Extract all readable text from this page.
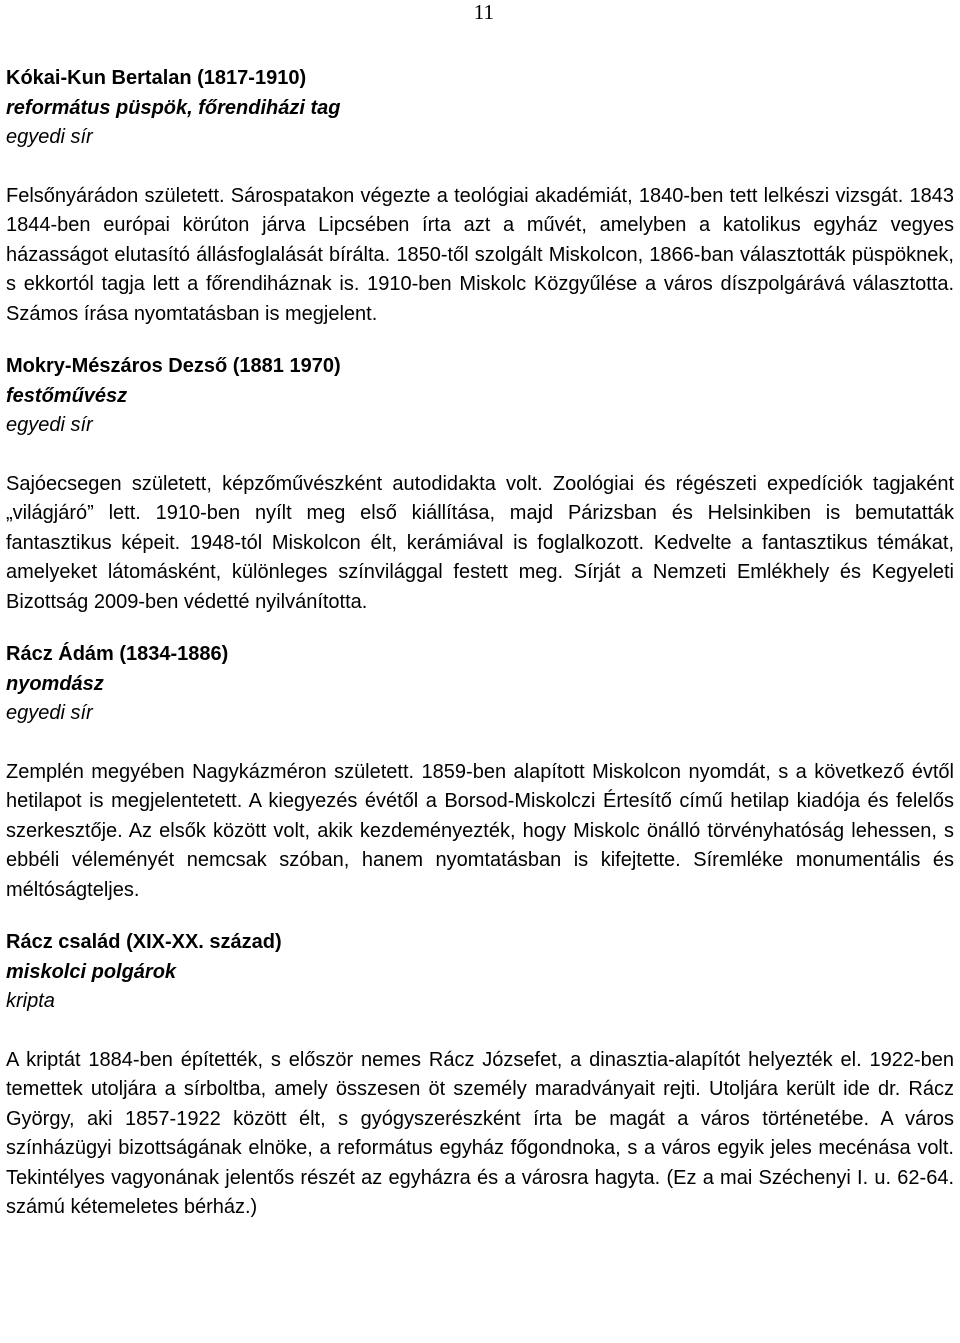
11

Kókai-Kun Bertalan (1817-1910)

református püspök, főrendiházi tag

egyedi sír

Felsőnyárádon született. Sárospatakon végezte a teológiai akadémiát, 1840-ben tett lelkészi vizsgát. 1843 1844-ben európai körúton járva Lipcsében írta azt a művét, amelyben a katolikus egyház vegyes házasságot elutasító állásfoglalását bírálta. 1850-től szolgált Miskolcon, 1866-ban választották püspöknek, s ekkortól tagja lett a főrendiháznak is. 1910-ben Miskolc Közgyűlése a város díszpolgárává választotta. Számos írása nyomtatásban is megjelent.

Mokry-Mészáros Dezső (1881 1970)

festőművész

egyedi sír

Sajóecsegen született, képzőművészként autodidakta volt. Zoológiai és régészeti expedíciók tagjaként „világjáró” lett. 1910-ben nyílt meg első kiállítása, majd Párizsban és Helsinkiben is bemutatták fantasztikus képeit. 1948-tól Miskolcon élt, kerámiával is foglalkozott. Kedvelte a fantasztikus témákat, amelyeket látomásként, különleges színvilággal festett meg. Sírját a Nemzeti Emlékhely és Kegyeleti Bizottság 2009-ben védetté nyilvánította.

Rácz Ádám (1834-1886)

nyomdász

egyedi sír

Zemplén megyében Nagykázméron született. 1859-ben alapított Miskolcon nyomdát, s a következő évtől hetilapot is megjelentetett. A kiegyezés évétől a Borsod-Miskolczi Értesítő című hetilap kiadója és felelős szerkesztője. Az elsők között volt, akik kezdeményezték, hogy Miskolc önálló törvényhatóság lehessen, s ebbéli véleményét nemcsak szóban, hanem nyomtatásban is kifejtette. Síremléke monumentális és méltóságteljes.

Rácz család (XIX-XX. század)

miskolci polgárok

kripta

A kriptát 1884-ben építették, s először nemes Rácz Józsefet, a dinasztia-alapítót helyezték el. 1922-ben temettek utoljára a sírboltba, amely összesen öt személy maradványait rejti. Utoljára került ide dr. Rácz György, aki 1857-1922 között élt, s gyógyszerészként írta be magát a város történetébe. A város színházügyi bizottságának elnöke, a református egyház főgondnoka, s a város egyik jeles mecénása volt. Tekintélyes vagyonának jelentős részét az egyházra és a városra hagyta. (Ez a mai Széchenyi I. u. 62-64. számú kétemeletes bérház.)
